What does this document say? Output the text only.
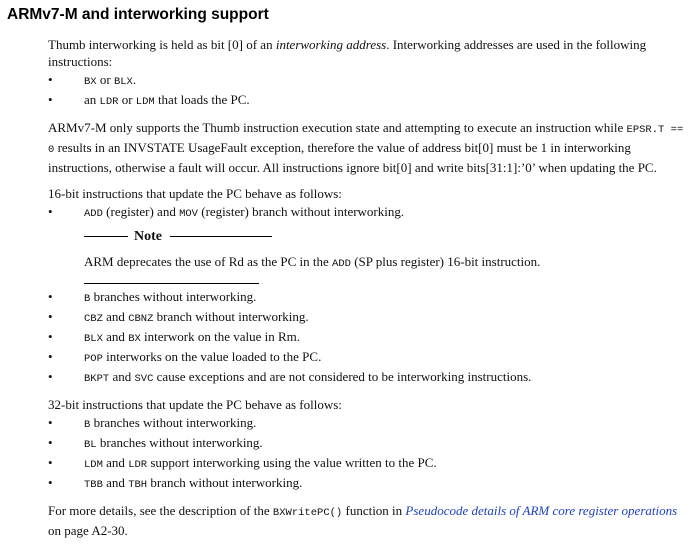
ARMv7-M and interworking support

Thumb interworking is held as bit [0] of an interworking address. Interworking addresses are used in the following instructions:

•	BX or BLX.
• an LDR or LDM that loads the PC.

ARMv7-M only supports the Thumb instruction execution state and attempting to execute an instruction while EPSR.T == 0 results in an INVSTATE UsageFault exception, therefore the value of address bit[0] must be 1 in interworking instructions, otherwise a fault will occur. All instructions ignore bit[0] and write bits[31:1]:’0’ when updating the PC.

16-bit instructions that update the PC behave as follows:

•	ADD (register) and MOV (register) branch without interworking.
Note

ARM deprecates the use of Rd as the PC in the ADD (SP plus register) 16-bit instruction.

•	B branches without interworking.
•	CBZ and CBNZ branch without interworking.
•	BLX and BX interwork on the value in Rm.
•	POP interworks on the value loaded to the PC.
•	BKPT and SVC cause exceptions and are not considered to be interworking instructions.

32-bit instructions that update the PC behave as follows:

•	B branches without interworking.
•	BL branches without interworking.
•	LDM and LDR support interworking using the value written to the PC.
•	TBB and TBH branch without interworking.

For more details, see the description of the BXWritePC() function in Pseudocode details of ARM core register operations on page A2-30.
